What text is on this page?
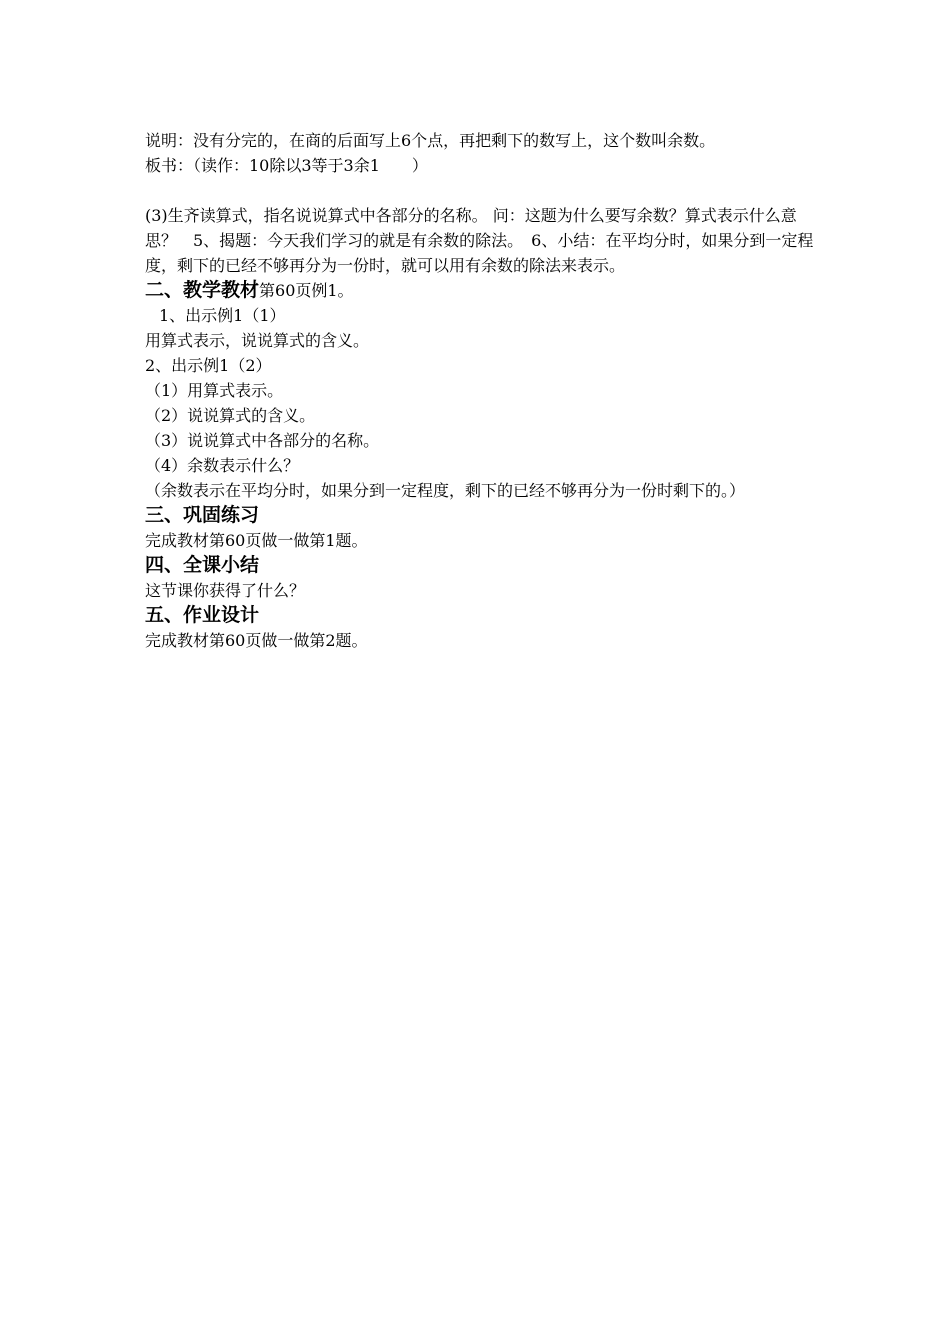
说明：没有分完的，在商的后面写上6个点，再把剩下的数写上，这个数叫余数。

板书：（读作：10除以3等于3余1　　）

(3)生齐读算式，指名说说算式中各部分的名称。 问：这题为什么要写余数？算式表示什么意思？　5、揭题：今天我们学习的就是有余数的除法。　6、小结：在平均分时，如果分到一定程度，剩下的已经不够再分为一份时，就可以用有余数的除法来表示。

二、教学教材第60页例1。

1、出示例1（1）

用算式表示，说说算式的含义。

2、出示例1（2）

（1）用算式表示。

（2）说说算式的含义。

（3）说说算式中各部分的名称。

（4）余数表示什么？

（余数表示在平均分时，如果分到一定程度，剩下的已经不够再分为一份时剩下的。）

三、巩固练习

完成教材第60页做一做第1题。

四、全课小结

这节课你获得了什么？

五、作业设计

完成教材第60页做一做第2题。
